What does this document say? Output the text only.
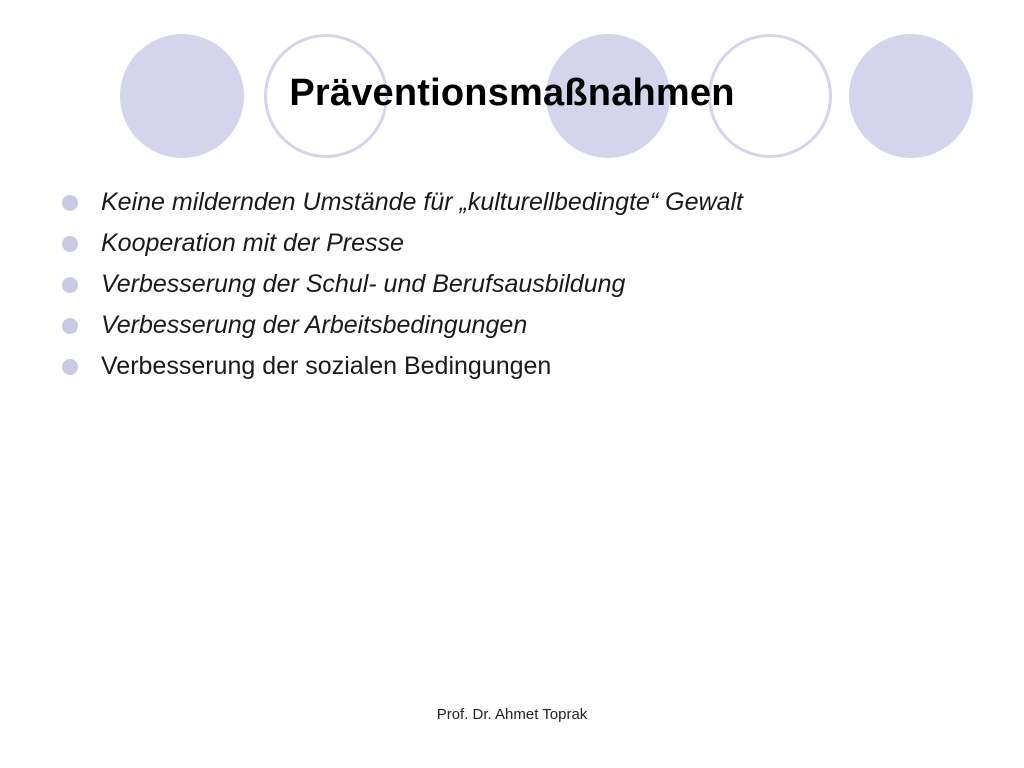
Präventionsmaßnahmen
Keine mildernden Umstände für „kulturellbedingte“ Gewalt
Kooperation mit der Presse
Verbesserung der Schul- und Berufsausbildung
Verbesserung der Arbeitsbedingungen
Verbesserung der sozialen Bedingungen
Prof. Dr. Ahmet Toprak
